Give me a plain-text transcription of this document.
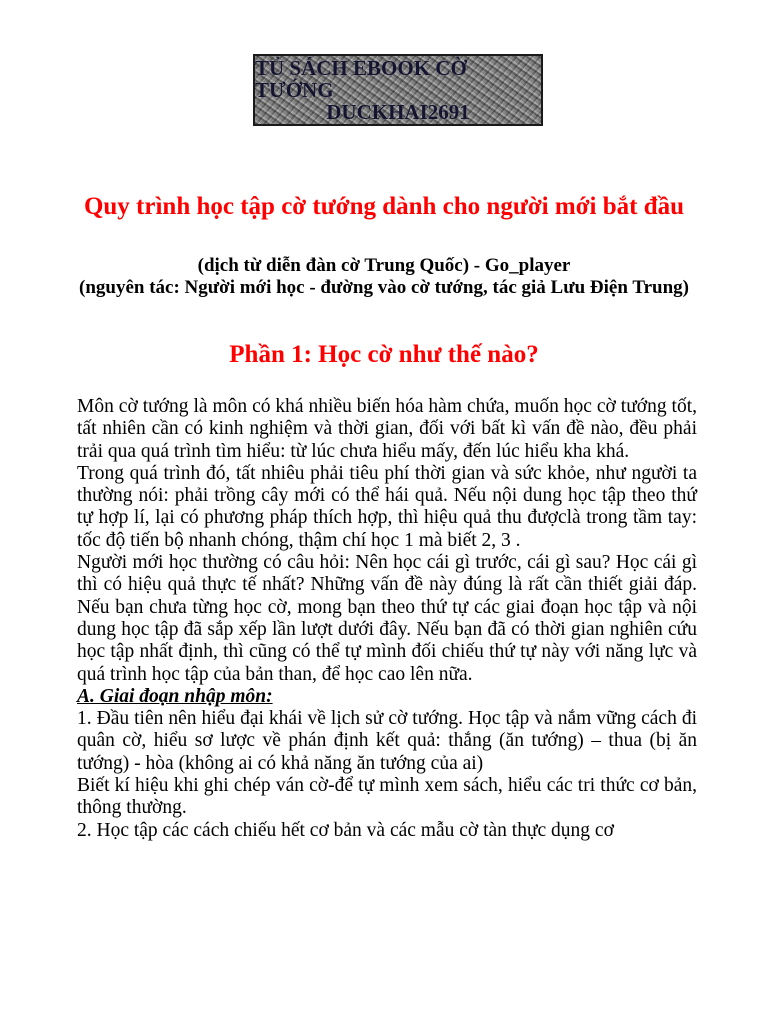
TỦ SÁCH EBOOK CỜ TƯỚNG
DUCKHAI2691
Quy trình học tập cờ tướng dành cho người mới bắt đầu

(dịch từ diễn đàn cờ Trung Quốc) - Go_player

(nguyên tác: Người mới học - đường vào cờ tướng, tác giả Lưu Điện Trung)

Phần 1: Học cờ như thế nào?

Môn cờ tướng là môn có khá nhiều biến hóa hàm chứa, muốn học cờ tướng tốt, tất nhiên cần có kinh nghiệm và thời gian, đối với bất kì vấn đề nào, đều phải trải qua quá trình tìm hiểu: từ lúc chưa hiểu mấy, đến lúc hiểu kha khá.

Trong quá trình đó, tất nhiêu phải tiêu phí thời gian và sức khỏe, như người ta thường nói: phải trồng cây mới có thể hái quả. Nếu nội dung học tập theo thứ tự hợp lí, lại có phương pháp thích hợp, thì hiệu quả thu đượclà trong tầm tay: tốc độ tiến bộ nhanh chóng, thậm chí học 1 mà biết 2, 3 .

Người mới học thường có câu hỏi: Nên học cái gì trước, cái gì sau? Học cái gì thì có hiệu quả thực tế nhất? Những vấn đề này đúng là rất cần thiết giải đáp. Nếu bạn chưa từng học cờ, mong bạn theo thứ tự các giai đoạn học tập và nội dung học tập đã sắp xếp lần lượt dưới đây. Nếu bạn đã có thời gian nghiên cứu học tập nhất định, thì cũng có thể tự mình đối chiếu thứ tự này với năng lực và quá trình học tập của bản than, để học cao lên nữa.

A. Giai đoạn nhập môn:

1. Đầu tiên nên hiểu đại khái về lịch sử cờ tướng. Học tập và nắm vững cách đi quân cờ, hiểu sơ lược về phán định kết quả: thắng (ăn tướng) – thua (bị ăn tướng) - hòa (không ai có khả năng ăn tướng của ai)

Biết kí hiệu khi ghi chép ván cờ-để tự mình xem sách, hiểu các tri thức cơ bản, thông thường.

2. Học tập các cách chiếu hết cơ bản và các mẫu cờ tàn thực dụng cơ
